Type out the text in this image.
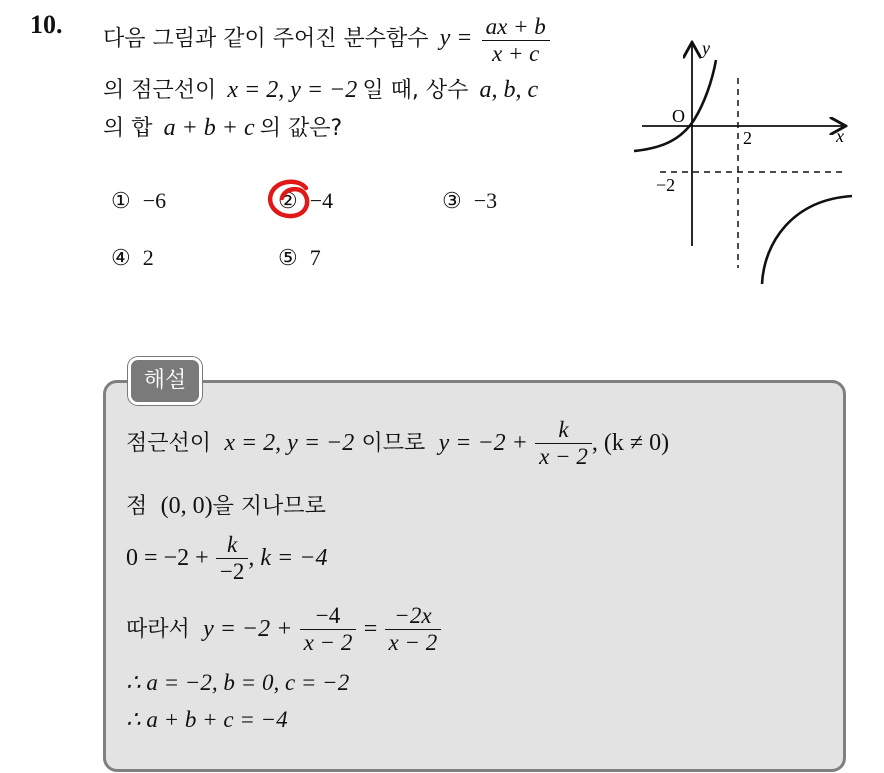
10. 다음 그림과 같이 주어진 분수함수 $y = \frac{ax + b}{x + c}$
의 점근선이 x = 2, y = −2 일 때, 상수 a, b, c
의 합 a + b + c 의 값은?
① −6	② −4	③ −3
④ 2	⑤ 7
y
x
O
2
−2
해설
점근선이 x = 2, y = −2 이므로 $y = -2 + \frac{k}{x - 2}$ , (k ≠ 0)
점 (0, 0)을 지나므로
$0 = -2 + \frac{k}{-2}$ , k = −4
따라서 $y = -2 + \frac{-4}{x - 2} = \frac{-2x}{x - 2}$
∴ a = −2, b = 0, c = −2
∴ a + b + c = −4
